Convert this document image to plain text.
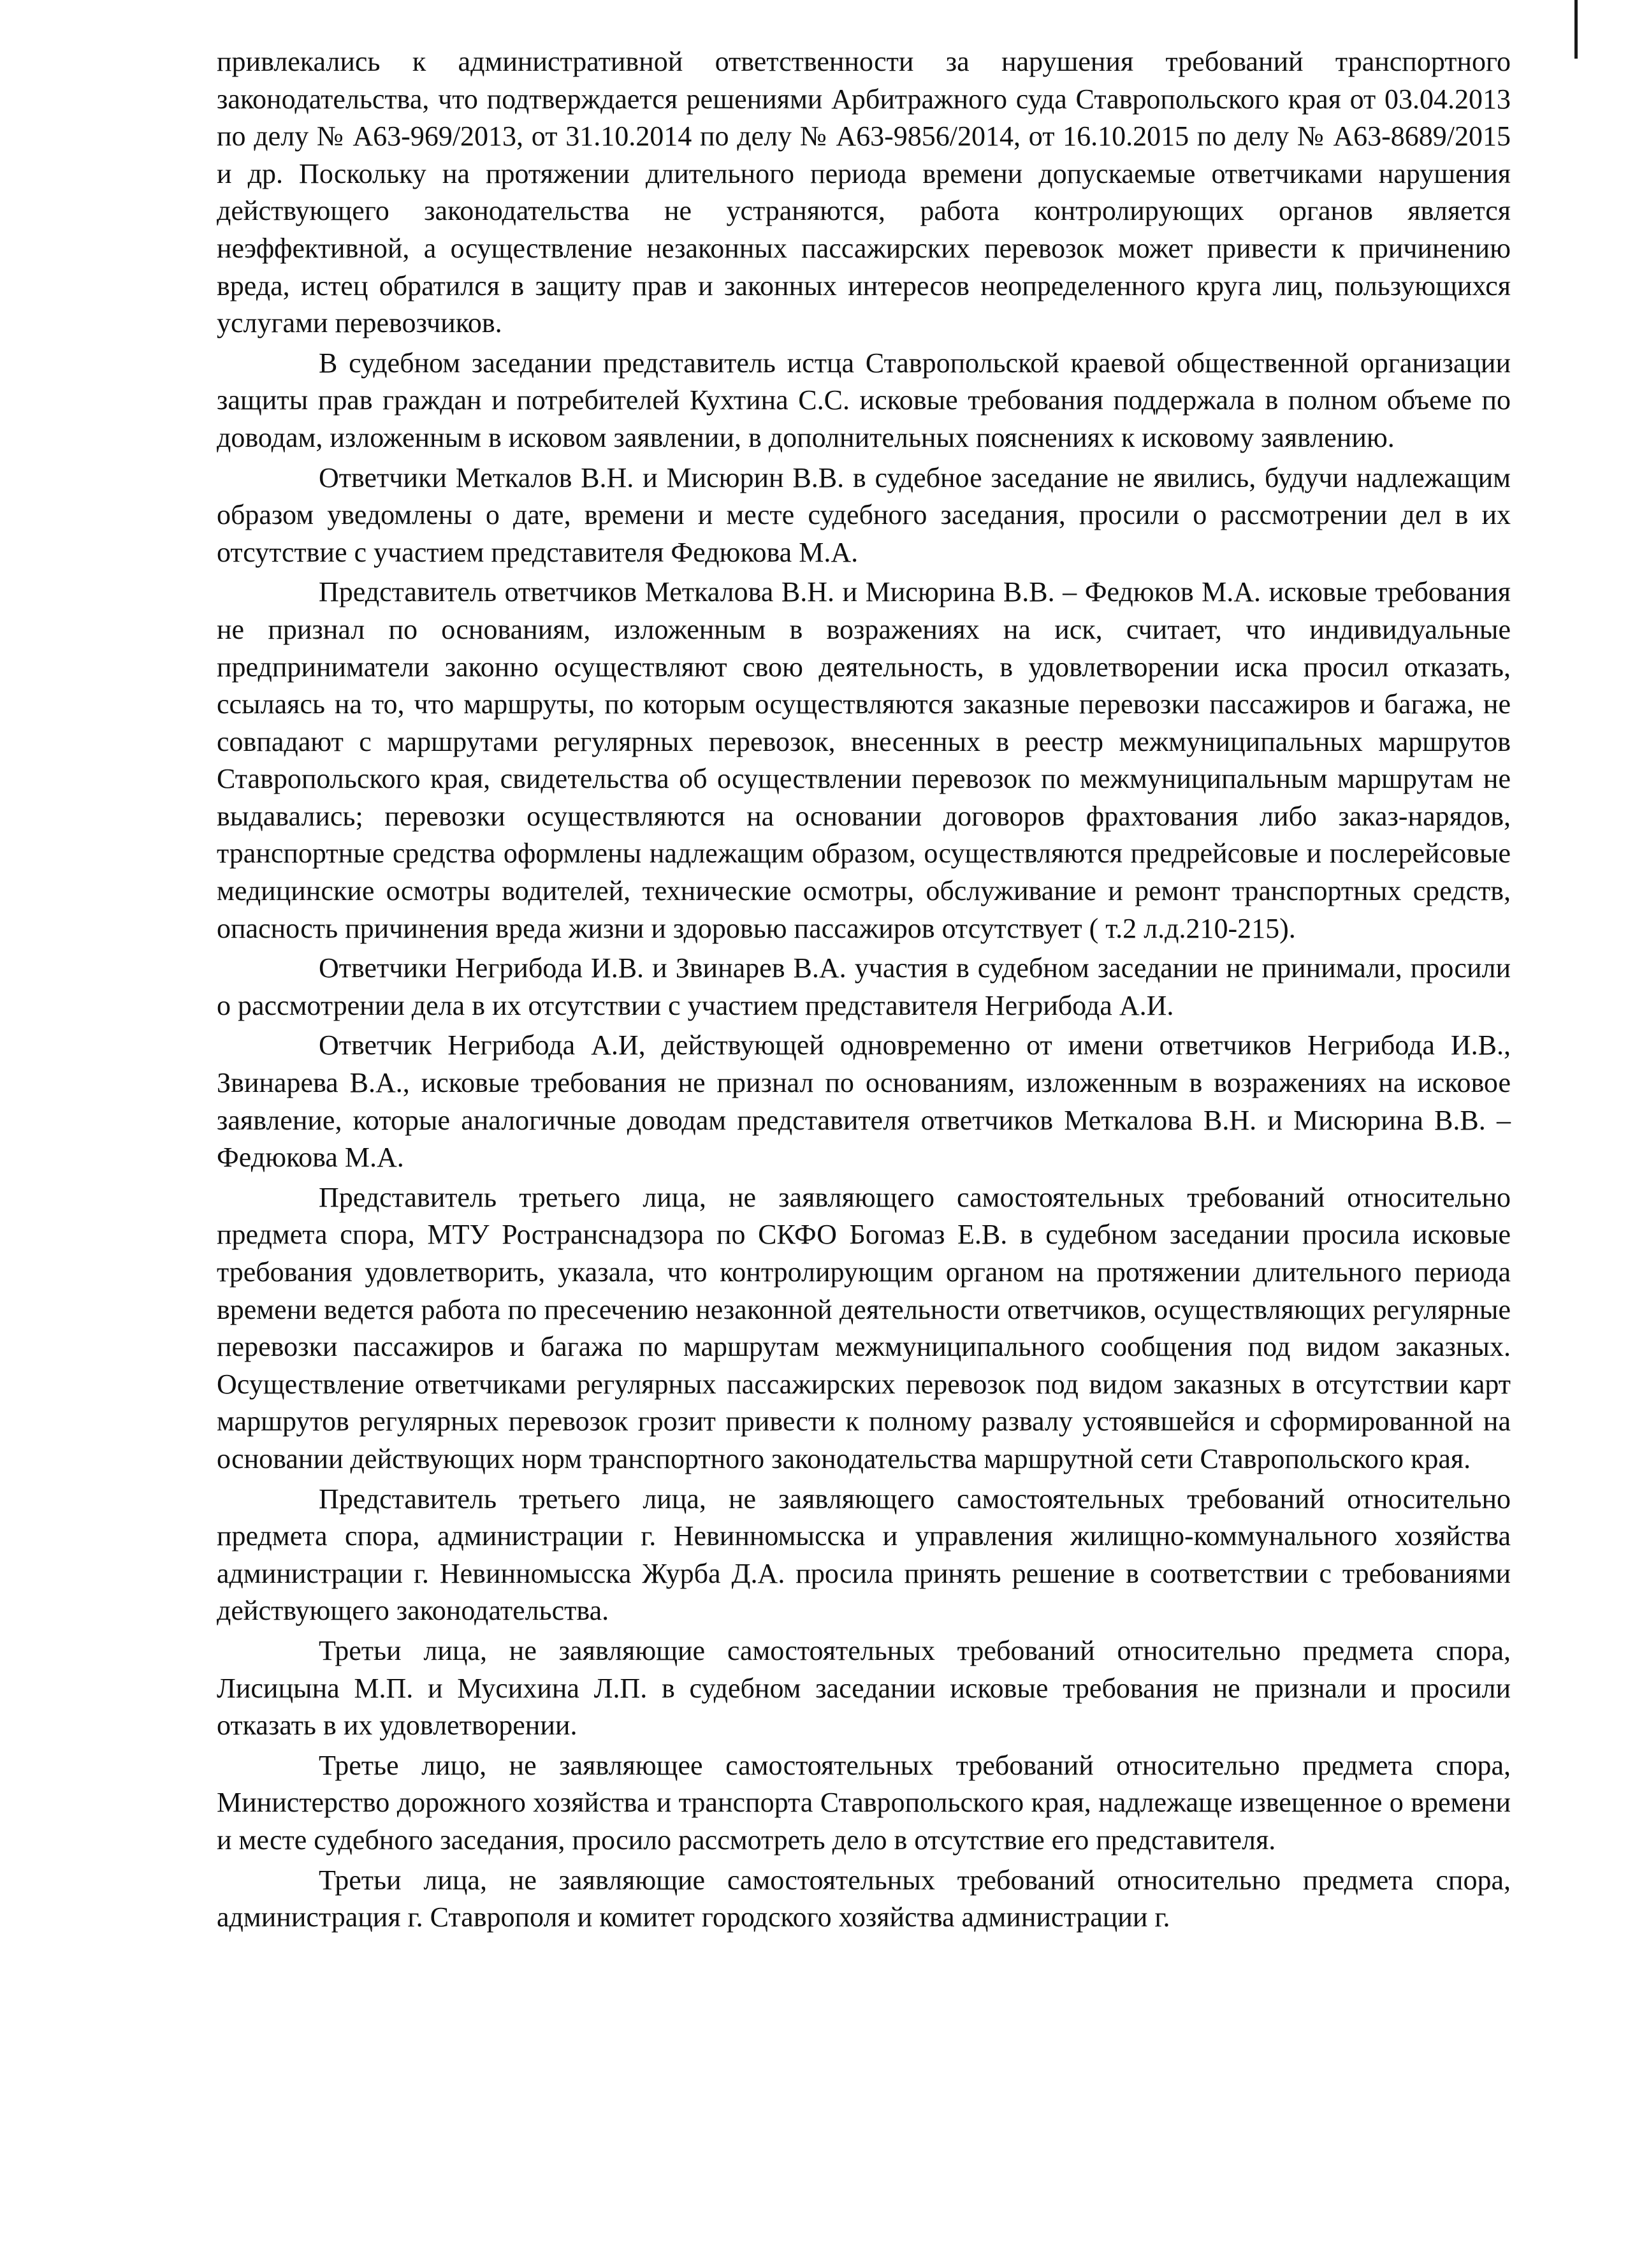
привлекались к административной ответственности за нарушения требований транспортного законодательства, что подтверждается решениями Арбитражного суда Ставропольского края от 03.04.2013 по делу № А63-969/2013, от 31.10.2014 по делу № А63-9856/2014, от 16.10.2015 по делу № А63-8689/2015 и др. Поскольку на протяжении длительного периода времени допускаемые ответчиками нарушения действующего законодательства не устраняются, работа контролирующих органов является неэффективной, а осуществление незаконных пассажирских перевозок может привести к причинению вреда, истец обратился в защиту прав и законных интересов неопределенного круга лиц, пользующихся услугами перевозчиков.

В судебном заседании представитель истца Ставропольской краевой общественной организации защиты прав граждан и потребителей Кухтина С.С. исковые требования поддержала в полном объеме по доводам, изложенным в исковом заявлении, в дополнительных пояснениях к исковому заявлению.

Ответчики Меткалов В.Н. и Мисюрин В.В. в судебное заседание не явились, будучи надлежащим образом уведомлены о дате, времени и месте судебного заседания, просили о рассмотрении дел в их отсутствие с участием представителя Федюкова М.А.

Представитель ответчиков Меткалова В.Н. и Мисюрина В.В. – Федюков М.А. исковые требования не признал по основаниям, изложенным в возражениях на иск, считает, что индивидуальные предприниматели законно осуществляют свою деятельность, в удовлетворении иска просил отказать, ссылаясь на то, что маршруты, по которым осуществляются заказные перевозки пассажиров и багажа, не совпадают с маршрутами регулярных перевозок, внесенных в реестр межмуниципальных маршрутов Ставропольского края, свидетельства об осуществлении перевозок по межмуниципальным маршрутам не выдавались; перевозки осуществляются на основании договоров фрахтования либо заказ-нарядов, транспортные средства оформлены надлежащим образом, осуществляются предрейсовые и послерейсовые медицинские осмотры водителей, технические осмотры, обслуживание и ремонт транспортных средств, опасность причинения вреда жизни и здоровью пассажиров отсутствует ( т.2 л.д.210-215).

Ответчики Негрибода И.В. и Звинарев В.А. участия в судебном заседании не принимали, просили о рассмотрении дела в их отсутствии с участием представителя Негрибода А.И.

Ответчик Негрибода А.И, действующей одновременно от имени ответчиков Негрибода И.В., Звинарева В.А., исковые требования не признал по основаниям, изложенным в возражениях на исковое заявление, которые аналогичные доводам представителя ответчиков Меткалова В.Н. и Мисюрина В.В. – Федюкова М.А.

Представитель третьего лица, не заявляющего самостоятельных требований относительно предмета спора, МТУ Ространснадзора по СКФО Богомаз Е.В. в судебном заседании просила исковые требования удовлетворить, указала, что контролирующим органом на протяжении длительного периода времени ведется работа по пресечению незаконной деятельности ответчиков, осуществляющих регулярные перевозки пассажиров и багажа по маршрутам межмуниципального сообщения под видом заказных. Осуществление ответчиками регулярных пассажирских перевозок под видом заказных в отсутствии карт маршрутов регулярных перевозок грозит привести к полному развалу устоявшейся и сформированной на основании действующих норм транспортного законодательства маршрутной сети Ставропольского края.

Представитель третьего лица, не заявляющего самостоятельных требований относительно предмета спора, администрации г. Невинномысска и управления жилищно-коммунального хозяйства администрации г. Невинномысска Журба Д.А. просила принять решение в соответствии с требованиями действующего законодательства.

Третьи лица, не заявляющие самостоятельных требований относительно предмета спора, Лисицына М.П. и Мусихина Л.П. в судебном заседании исковые требования не признали и просили отказать в их удовлетворении.

Третье лицо, не заявляющее самостоятельных требований относительно предмета спора, Министерство дорожного хозяйства и транспорта Ставропольского края, надлежаще извещенное о времени и месте судебного заседания, просило рассмотреть дело в отсутствие его представителя.

Третьи лица, не заявляющие самостоятельных требований относительно предмета спора, администрация г. Ставрополя и комитет городского хозяйства администрации г.
